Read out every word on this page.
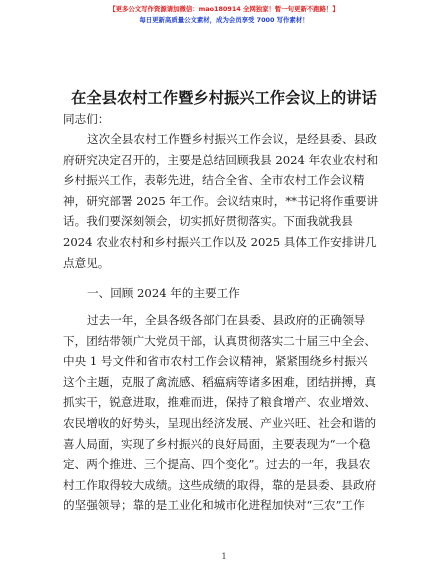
【更多公文写作资源请加微信：mao180914 全网独家！暂一句更新不跑路！】
每日更新高质量公文素材，成为会员享受 7000 写作素材！
在全县农村工作暨乡村振兴工作会议上的讲话
同志们：
这次全县农村工作暨乡村振兴工作会议，是经县委、县政
府研究决定召开的，主要是总结回顾我县 2024 年农业农村和
乡村振兴工作，表彰先进，结合全省、全市农村工作会议精
神，研究部署 2025 年工作。会议结束时，**书记将作重要讲
话。我们要深刻领会，切实抓好贯彻落实。下面我就我县
2024 农业农村和乡村振兴工作以及 2025 具体工作安排讲几
点意见。
一、回顾 2024 年的主要工作
过去一年，全县各级各部门在县委、县政府的正确领导
下，团结带领广大党员干部，认真贯彻落实二十届三中全会、
中央 1 号文件和省市农村工作会议精神，紧紧围绕乡村振兴
这个主题，克服了禽流感、稻瘟病等诸多困难，团结拼搏，真
抓实干，锐意进取，推难而进，保持了粮食增产、农业增效、
农民增收的好势头，呈现出经济发展、产业兴旺、社会和谐的
喜人局面，实现了乡村振兴的良好局面，主要表现为“一个稳
定、两个推进、三个提高、四个变化”。过去的一年，我县农
村工作取得较大成绩。这些成绩的取得，靠的是县委、县政府
的坚强领导；靠的是工业化和城市化进程加快对“三农”工作
1
